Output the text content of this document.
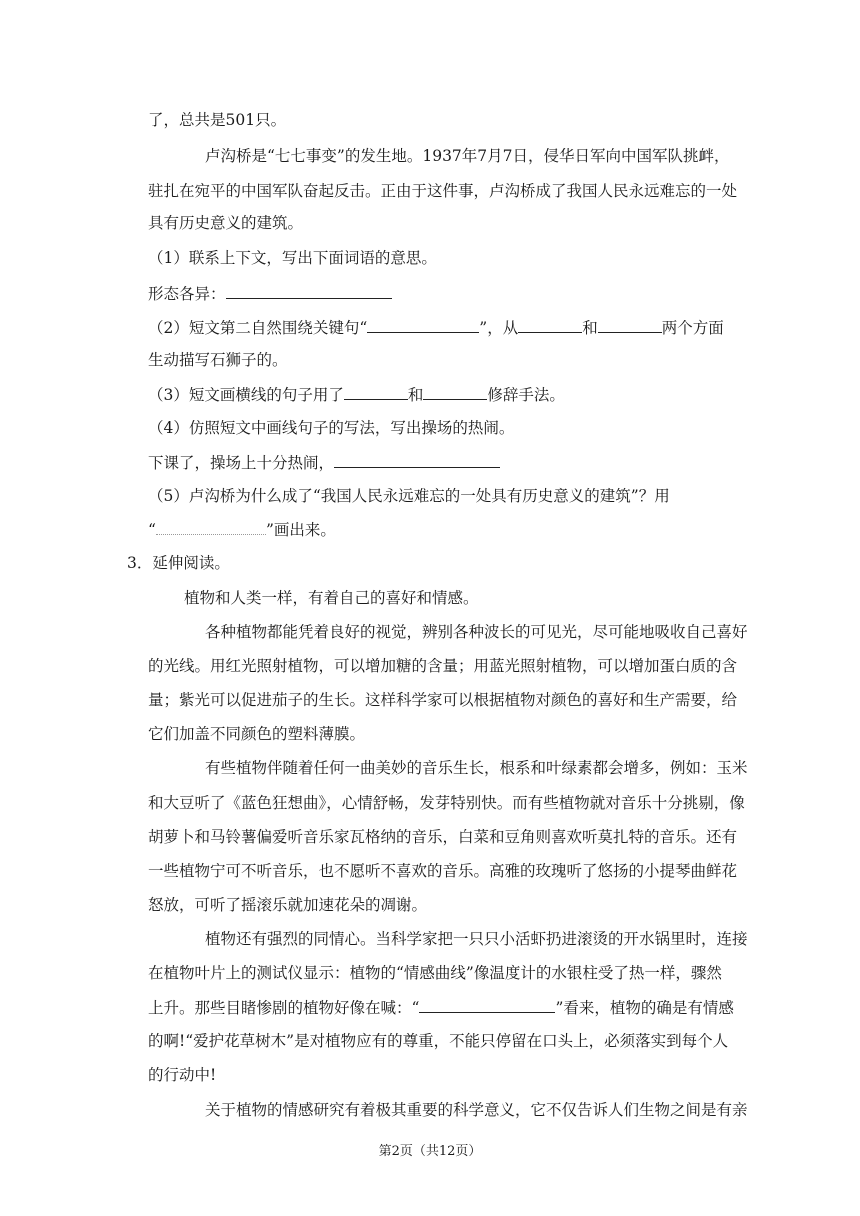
了，总共是501只。
卢沟桥是“七七事变”的发生地。1937年7月7日，侵华日军向中国军队挑衅，
驻扎在宛平的中国军队奋起反击。正由于这件事，卢沟桥成了我国人民永远难忘的一处
具有历史意义的建筑。
（1）联系上下文，写出下面词语的意思。
形态各异：
（2）短文第二自然围绕关键句“	”，从	和	两个方面
生动描写石狮子的。
（3）短文画横线的句子用了	和	修辞手法。
（4）仿照短文中画线句子的写法，写出操场的热闹。
下课了，操场上十分热闹，
（5）卢沟桥为什么成了“我国人民永远难忘的一处具有历史意义的建筑”？用
“	”画出来。
3．延伸阅读。
植物和人类一样，有着自己的喜好和情感。
各种植物都能凭着良好的视觉，辨别各种波长的可见光，尽可能地吸收自己喜好
的光线。用红光照射植物，可以增加糖的含量；用蓝光照射植物，可以增加蛋白质的含
量；紫光可以促进茄子的生长。这样科学家可以根据植物对颜色的喜好和生产需要，给
它们加盖不同颜色的塑料薄膜。
有些植物伴随着任何一曲美妙的音乐生长，根系和叶绿素都会增多，例如：玉米
和大豆听了《蓝色狂想曲》，心情舒畅，发芽特别快。而有些植物就对音乐十分挑剔，像
胡萝卜和马铃薯偏爱听音乐家瓦格纳的音乐，白菜和豆角则喜欢听莫扎特的音乐。还有
一些植物宁可不听音乐，也不愿听不喜欢的音乐。高雅的玫瑰听了悠扬的小提琴曲鲜花
怒放，可听了摇滚乐就加速花朵的凋谢。
植物还有强烈的同情心。当科学家把一只只小活虾扔进滚烫的开水锅里时，连接
在植物叶片上的测试仪显示：植物的“情感曲线”像温度计的水银柱受了热一样，骤然
上升。那些目睹惨剧的植物好像在喊：“	”看来，植物的确是有情感
的啊!“爱护花草树木”是对植物应有的尊重，不能只停留在口头上，必须落实到每个人
的行动中!
关于植物的情感研究有着极其重要的科学意义，它不仅告诉人们生物之间是有亲
第2页（共12页）
